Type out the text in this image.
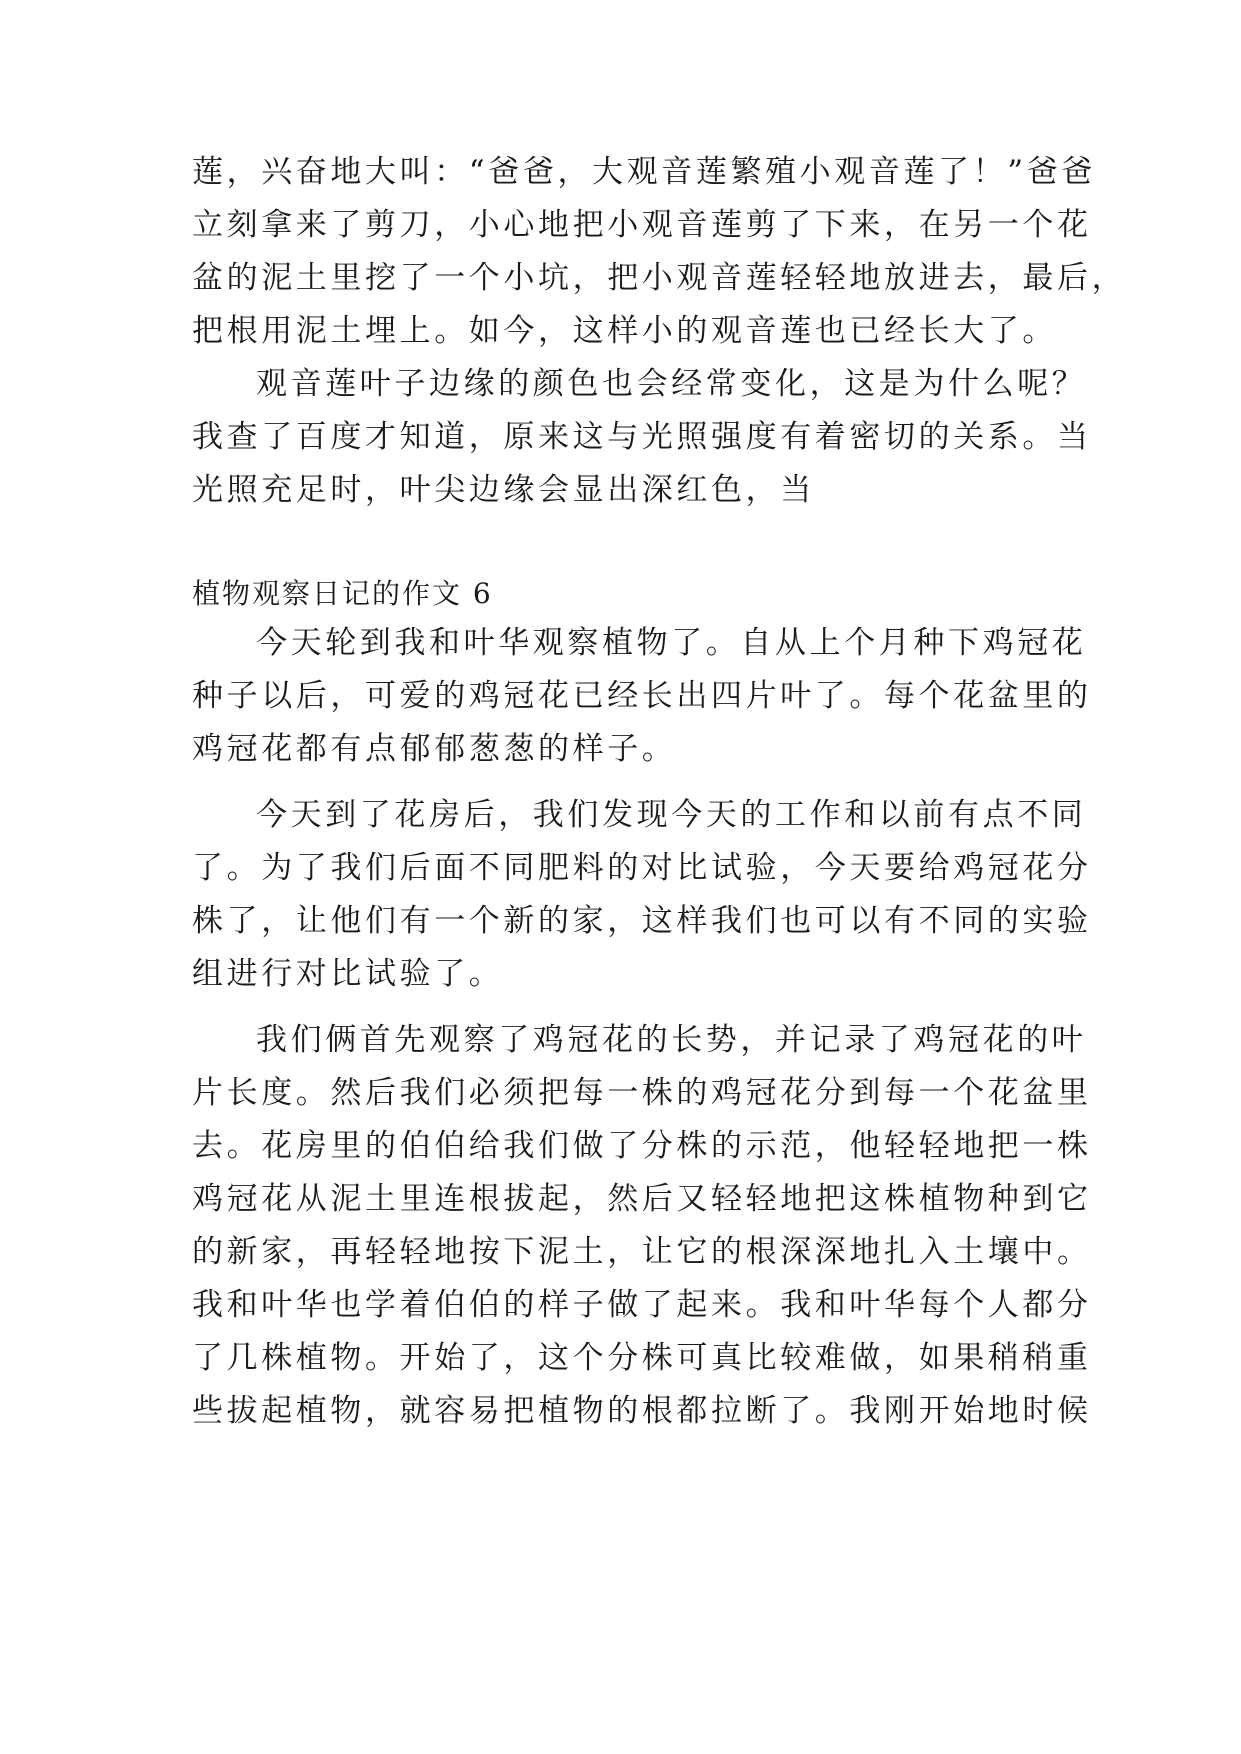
莲，兴奋地大叫：“爸爸，大观音莲繁殖小观音莲了！”爸爸

立刻拿来了剪刀，小心地把小观音莲剪了下来，在另一个花

盆的泥土里挖了一个小坑，把小观音莲轻轻地放进去，最后，

把根用泥土埋上。如今，这样小的观音莲也已经长大了。

观音莲叶子边缘的颜色也会经常变化，这是为什么呢？

我查了百度才知道，原来这与光照强度有着密切的关系。当

光照充足时，叶尖边缘会显出深红色，当

植物观察日记的作文 6

今天轮到我和叶华观察植物了。自从上个月种下鸡冠花

种子以后，可爱的鸡冠花已经长出四片叶了。每个花盆里的

鸡冠花都有点郁郁葱葱的样子。

今天到了花房后，我们发现今天的工作和以前有点不同

了。为了我们后面不同肥料的对比试验，今天要给鸡冠花分

株了，让他们有一个新的家，这样我们也可以有不同的实验

组进行对比试验了。

我们俩首先观察了鸡冠花的长势，并记录了鸡冠花的叶

片长度。然后我们必须把每一株的鸡冠花分到每一个花盆里

去。花房里的伯伯给我们做了分株的示范，他轻轻地把一株

鸡冠花从泥土里连根拔起，然后又轻轻地把这株植物种到它

的新家，再轻轻地按下泥土，让它的根深深地扎入土壤中。

我和叶华也学着伯伯的样子做了起来。我和叶华每个人都分

了几株植物。开始了，这个分株可真比较难做，如果稍稍重

些拔起植物，就容易把植物的根都拉断了。我刚开始地时候
